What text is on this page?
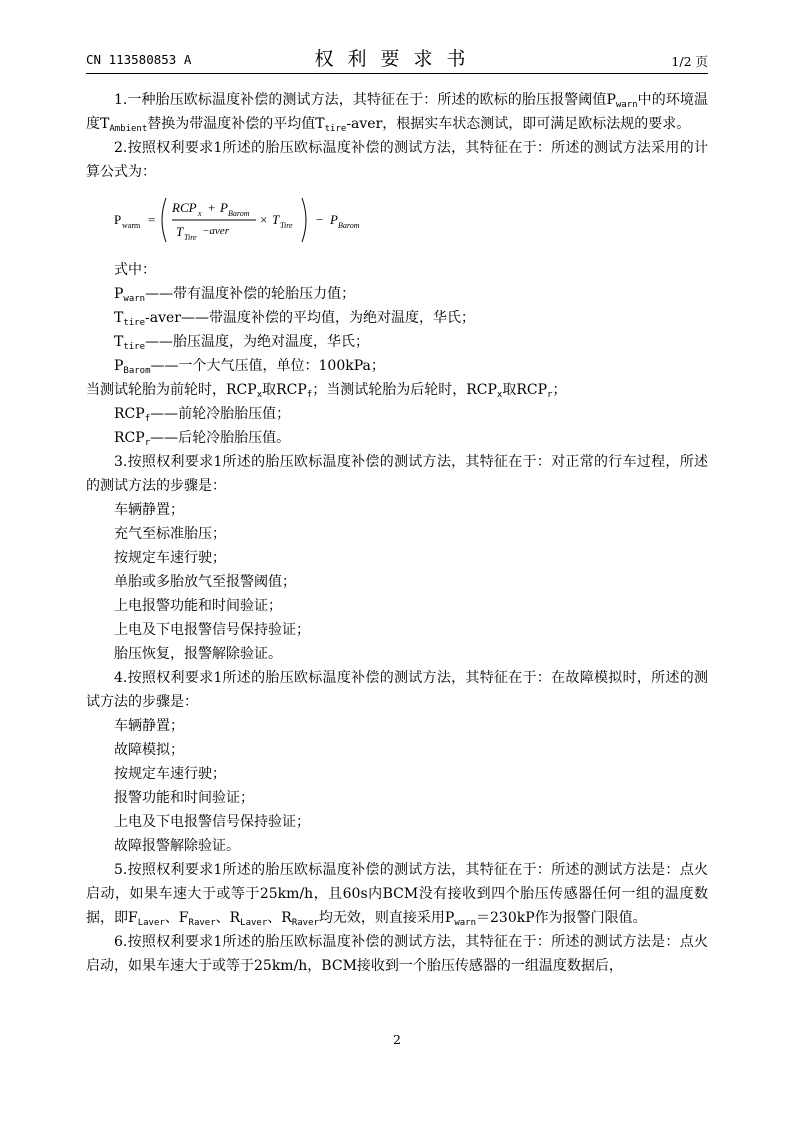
CN 113580853 A	权利要求书	1/2 页

1.一种胎压欧标温度补偿的测试方法，其特征在于：所述的欧标的胎压报警阈值$P_{warn}$中的环境温度$T_{Ambient}$替换为带温度补偿的平均值$T_{tire}$-aver，根据实车状态测试，即可满足欧标法规的要求。

2.按照权利要求1所述的胎压欧标温度补偿的测试方法，其特征在于：所述的测试方法采用的计算公式为：

P warm =
RCP x + P Barom
T Tire
−aver
× T Tire − P Barom

式中：

$P_{warn}——$带有温度补偿的轮胎压力值；

$T_{tire}-aver——$带温度补偿的平均值，为绝对温度，华氏；

$T_{tire}——$胎压温度，为绝对温度，华氏；

$P_{Barom}——$一个大气压值，单位：100kPa；

当测试轮胎为前轮时，$RCP_x$取$RCP_f$；当测试轮胎为后轮时，$RCP_x$取$RCP_r$；

$RCP_f——$前轮冷胎胎压值；

$RCP_r——$后轮冷胎胎压值。

3.按照权利要求1所述的胎压欧标温度补偿的测试方法，其特征在于：对正常的行车过程，所述的测试方法的步骤是：

车辆静置；

充气至标准胎压；

按规定车速行驶；

单胎或多胎放气至报警阈值；

上电报警功能和时间验证；

上电及下电报警信号保持验证；

胎压恢复，报警解除验证。

4.按照权利要求1所述的胎压欧标温度补偿的测试方法，其特征在于：在故障模拟时，所述的测试方法的步骤是：

车辆静置；

故障模拟；

按规定车速行驶；

报警功能和时间验证；

上电及下电报警信号保持验证；

故障报警解除验证。

5.按照权利要求1所述的胎压欧标温度补偿的测试方法，其特征在于：所述的测试方法是：点火启动，如果车速大于或等于25km/h，且60s内BCM没有接收到四个胎压传感器任何一组的温度数据，即$F_{Laver}$、$F_{Raver}$、$R_{Laver}$、$R_{Raver}$均无效，则直接采用$P_{warn}=230kP$作为报警门限值。

6.按照权利要求1所述的胎压欧标温度补偿的测试方法，其特征在于：所述的测试方法是：点火启动，如果车速大于或等于25km/h，BCM接收到一个胎压传感器的一组温度数据后，

2
